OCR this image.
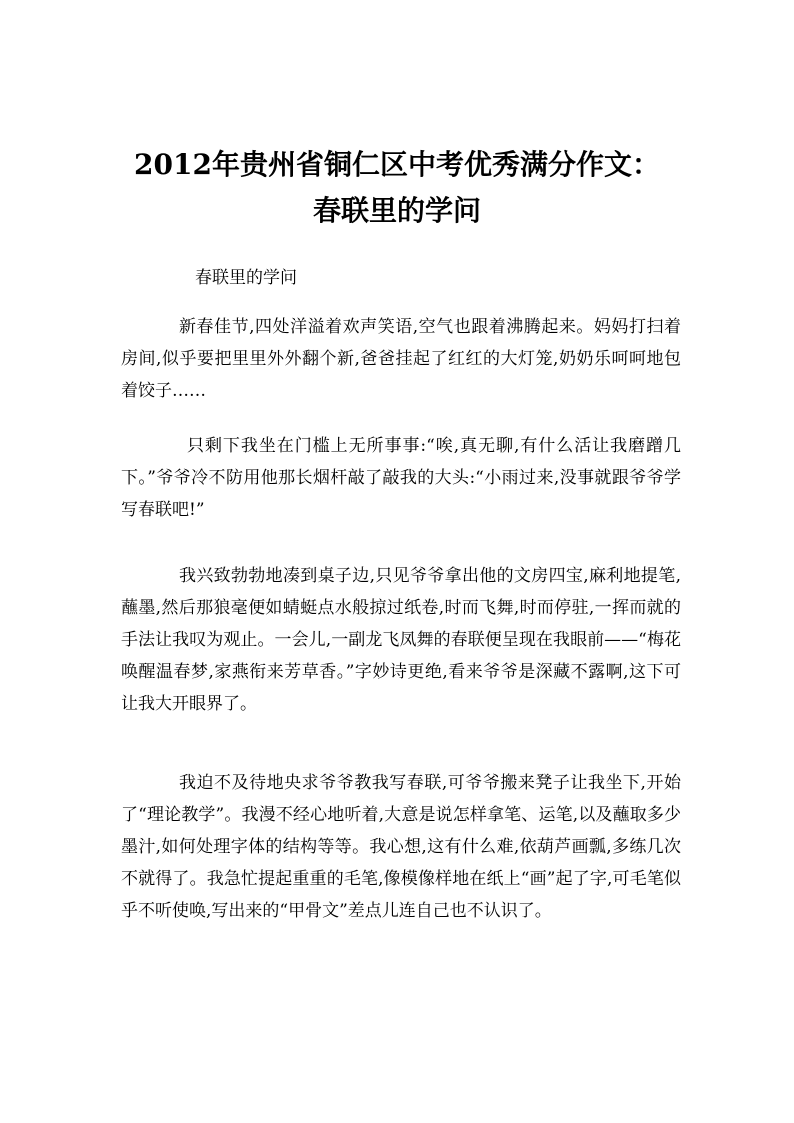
2012年贵州省铜仁区中考优秀满分作文：
春联里的学问
春联里的学问
新春佳节,四处洋溢着欢声笑语,空气也跟着沸腾起来。妈妈打扫着房间,似乎要把里里外外翻个新,爸爸挂起了红红的大灯笼,奶奶乐呵呵地包着饺子……
只剩下我坐在门槛上无所事事:“唉,真无聊,有什么活让我磨蹭几下。”爷爷冷不防用他那长烟杆敲了敲我的大头:“小雨过来,没事就跟爷爷学写春联吧!”
我兴致勃勃地凑到桌子边,只见爷爷拿出他的文房四宝,麻利地提笔,蘸墨,然后那狼毫便如蜻蜓点水般掠过纸卷,时而飞舞,时而停驻,一挥而就的手法让我叹为观止。一会儿,一副龙飞凤舞的春联便呈现在我眼前——“梅花唤醒温春梦,家燕衔来芳草香。”字妙诗更绝,看来爷爷是深藏不露啊,这下可让我大开眼界了。
我迫不及待地央求爷爷教我写春联,可爷爷搬来凳子让我坐下,开始了“理论教学”。我漫不经心地听着,大意是说怎样拿笔、运笔,以及蘸取多少墨汁,如何处理字体的结构等等。我心想,这有什么难,依葫芦画瓢,多练几次不就得了。我急忙提起重重的毛笔,像模像样地在纸上“画”起了字,可毛笔似乎不听使唤,写出来的“甲骨文”差点儿连自己也不认识了。
